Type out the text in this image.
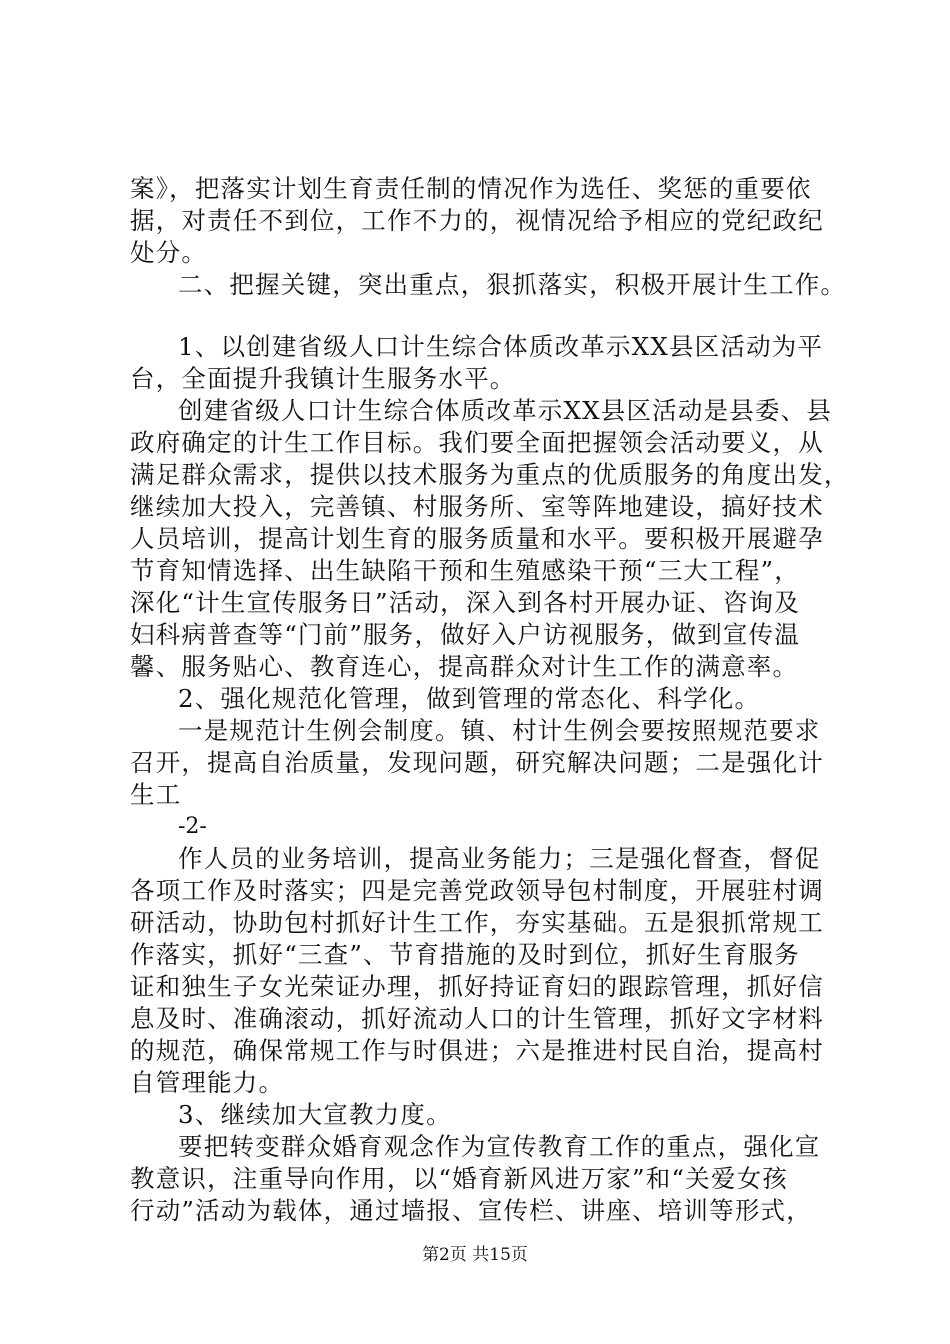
案》，把落实计划生育责任制的情况作为选任、奖惩的重要依
据，对责任不到位，工作不力的，视情况给予相应的党纪政纪
处分。
二、把握关键，突出重点，狠抓落实，积极开展计生工作。
1、以创建省级人口计生综合体质改革示XX县区活动为平
台，全面提升我镇计生服务水平。
创建省级人口计生综合体质改革示XX县区活动是县委、县
政府确定的计生工作目标。我们要全面把握领会活动要义，从
满足群众需求，提供以技术服务为重点的优质服务的角度出发，
继续加大投入，完善镇、村服务所、室等阵地建设，搞好技术
人员培训，提高计划生育的服务质量和水平。要积极开展避孕
节育知情选择、出生缺陷干预和生殖感染干预“三大工程”，
深化“计生宣传服务日”活动，深入到各村开展办证、咨询及
妇科病普查等“门前”服务，做好入户访视服务，做到宣传温
馨、服务贴心、教育连心，提高群众对计生工作的满意率。
2、强化规范化管理，做到管理的常态化、科学化。
一是规范计生例会制度。镇、村计生例会要按照规范要求
召开，提高自治质量，发现问题，研究解决问题；二是强化计
生工
-2-
作人员的业务培训，提高业务能力；三是强化督查，督促
各项工作及时落实；四是完善党政领导包村制度，开展驻村调
研活动，协助包村抓好计生工作，夯实基础。五是狠抓常规工
作落实，抓好“三查”、节育措施的及时到位，抓好生育服务
证和独生子女光荣证办理，抓好持证育妇的跟踪管理，抓好信
息及时、准确滚动，抓好流动人口的计生管理，抓好文字材料
的规范，确保常规工作与时俱进；六是推进村民自治，提高村
自管理能力。
3、继续加大宣教力度。
要把转变群众婚育观念作为宣传教育工作的重点，强化宣
教意识，注重导向作用，以“婚育新风进万家”和“关爱女孩
行动”活动为载体，通过墙报、宣传栏、讲座、培训等形式，
第2页 共15页
